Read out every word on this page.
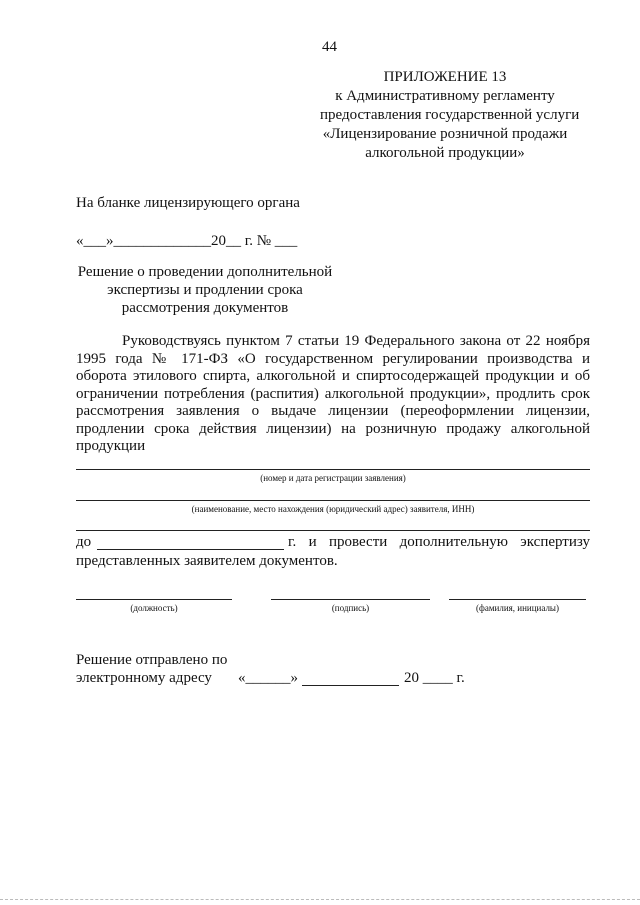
44
ПРИЛОЖЕНИЕ 13
к Административному регламенту
предоставления государственной услуги
«Лицензирование розничной продажи
алкогольной продукции»
На бланке лицензирующего органа
«___»_____________20__ г. № ___
Решение о проведении дополнительной
экспертизы и продлении срока
рассмотрения документов
Руководствуясь пунктом 7 статьи 19 Федерального закона от 22 ноября
1995 года № 171-ФЗ «О государственном регулировании производства и
оборота этилового спирта, алкогольной и спиртосодержащей продукции и об
ограничении потребления (распития) алкогольной продукции», продлить срок
рассмотрения заявления о выдаче лицензии (переоформлении лицензии,
продлении срока действия лицензии) на розничную продажу алкогольной
продукции
(номер и дата регистрации заявления)
(наименование, место нахождения (юридический адрес) заявителя, ИНН)
до	г. и провести дополнительную экспертизу
представленных заявителем документов.
(должность)	(подпись)	(фамилия, инициалы)
Решение отправлено по
электронному адресу «______»	20 ____ г.
